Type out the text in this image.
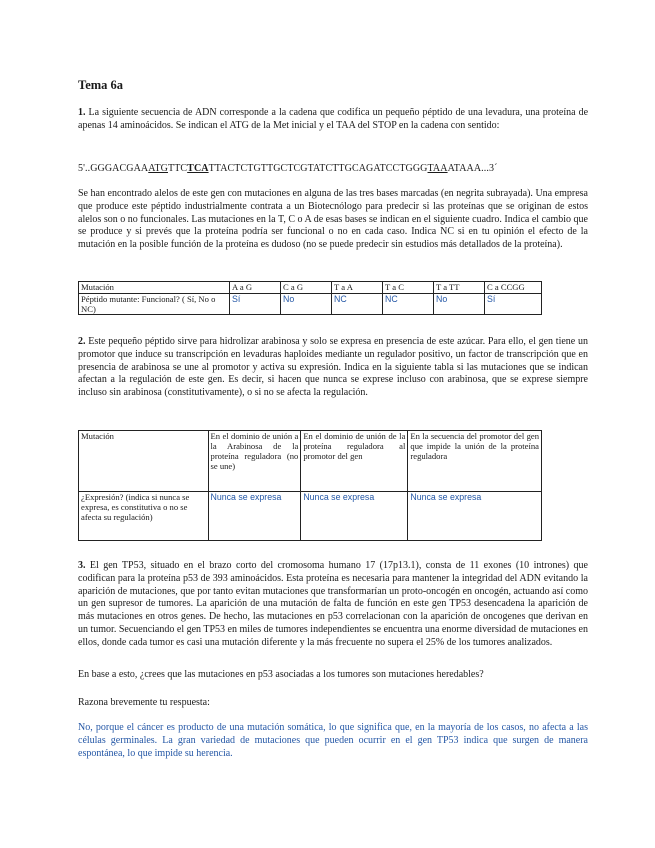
Tema 6a

1. La siguiente secuencia de ADN corresponde a la cadena que codifica un pequeño péptido de una levadura, una proteína de apenas 14 aminoácidos. Se indican el ATG de la Met inicial y el TAA del STOP en la cadena con sentido:

5'..GGGACGAAATGTTCTCATTACTCTGTTGCTCGTATCTTGCAGATCCTGGGTAAATAAA...3´

Se han encontrado alelos de este gen con mutaciones en alguna de las tres bases marcadas (en negrita subrayada). Una empresa que produce este péptido industrialmente contrata a un Biotecnólogo para predecir si las proteínas que se originan de estos alelos son o no funcionales. Las mutaciones en la T, C o A de esas bases se indican en el siguiente cuadro. Indica el cambio que se produce y si prevés que la proteína podría ser funcional o no en cada caso. Indica NC si en tu opinión el efecto de la mutación en la posible función de la proteína es dudoso (no se puede predecir sin estudios más detallados de la proteína).

Mutación	A a G	C a G	T a A	T a C	T a TT	C a CCGG
Péptido mutante: Funcional? ( Sí, No o NC)	Sí	No	NC	NC	No	Sí

2. Este pequeño péptido sirve para hidrolizar arabinosa y solo se expresa en presencia de este azúcar. Para ello, el gen tiene un promotor que induce su transcripción en levaduras haploides mediante un regulador positivo, un factor de transcripción que en presencia de arabinosa se une al promotor y activa su expresión. Indica en la siguiente tabla si las mutaciones que se indican afectan a la regulación de este gen. Es decir, si hacen que nunca se exprese incluso con arabinosa, que se exprese siempre incluso sin arabinosa (constitutivamente), o si no se afecta la regulación.

Mutación	En el dominio de unión a la Arabinosa de la proteína reguladora (no se une)	En el dominio de unión de la proteína reguladora al promotor del gen	En la secuencia del promotor del gen que impide la unión de la proteína reguladora
¿Expresión? (indica si nunca se expresa, es constitutiva o no se afecta su regulación)	Nunca se expresa	Nunca se expresa	Nunca se expresa

3. El gen TP53, situado en el brazo corto del cromosoma humano 17 (17p13.1), consta de 11 exones (10 intrones) que codifican para la proteína p53 de 393 aminoácidos. Esta proteína es necesaria para mantener la integridad del ADN evitando la aparición de mutaciones, que por tanto evitan mutaciones que transformarían un proto-oncogén en oncogén, actuando así como un gen supresor de tumores. La aparición de una mutación de falta de función en este gen TP53 desencadena la aparición de más mutaciones en otros genes. De hecho, las mutaciones en p53 correlacionan con la aparición de oncogenes que derivan en un tumor. Secuenciando el gen TP53 en miles de tumores independientes se encuentra una enorme diversidad de mutaciones en ellos, donde cada tumor es casi una mutación diferente y la más frecuente no supera el 25% de los tumores analizados.

En base a esto, ¿crees que las mutaciones en p53 asociadas a los tumores son mutaciones heredables?

Razona brevemente tu respuesta:

No, porque el cáncer es producto de una mutación somática, lo que significa que, en la mayoría de los casos, no afecta a las células germinales. La gran variedad de mutaciones que pueden ocurrir en el gen TP53 indica que surgen de manera espontánea, lo que impide su herencia.
